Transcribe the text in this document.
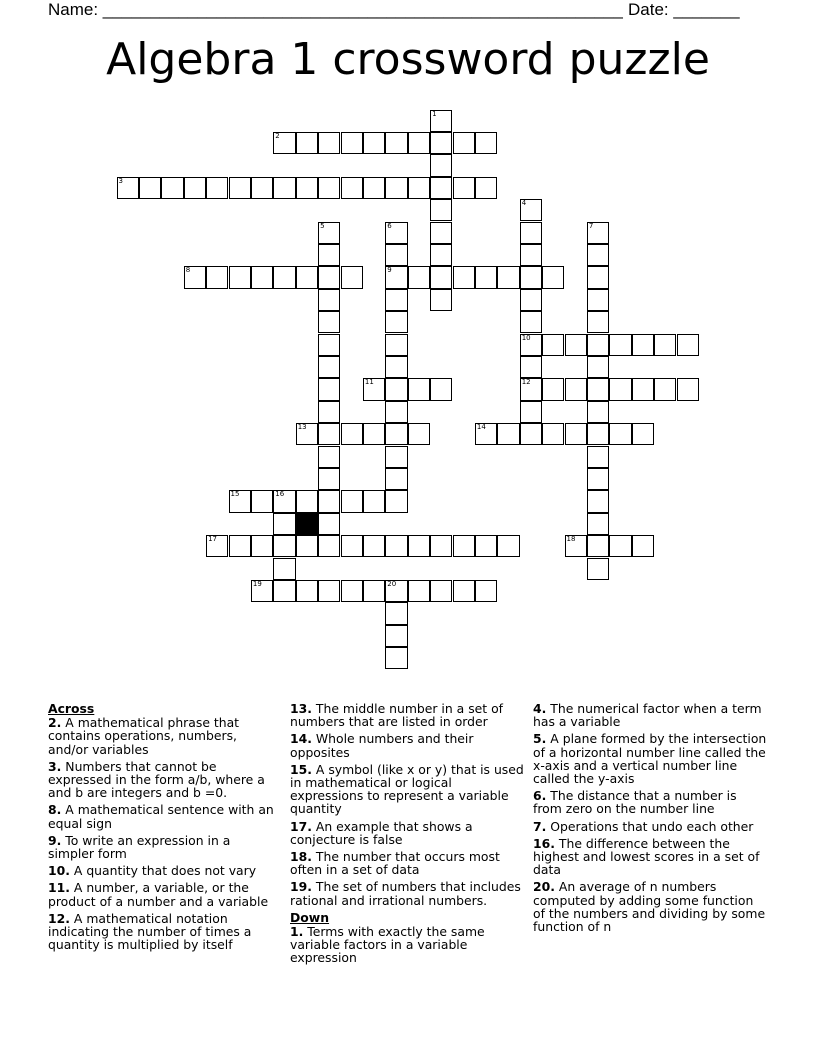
Name: _______________________________________________________ Date: _______
Algebra 1 crossword puzzle
1
2
3
4
10
12
5	6
9
7
8
11
13	14
15	16
17	18
19	20
Across
2. A mathematical phrase that contains operations, numbers, and/or variables
3. Numbers that cannot be expressed in the form a/b, where a and b are integers and b =0.
8. A mathematical sentence with an equal sign
9. To write an expression in a simpler form
10. A quantity that does not vary
11. A number, a variable, or the product of a number and a variable
12. A mathematical notation indicating the number of times a quantity is multiplied by itself
13. The middle number in a set of numbers that are listed in order
14. Whole numbers and their opposites
15. A symbol (like x or y) that is used in mathematical or logical expressions to represent a variable quantity
17. An example that shows a conjecture is false
18. The number that occurs most often in a set of data
19. The set of numbers that includes rational and irrational numbers.
Down
1. Terms with exactly the same variable factors in a variable expression
4. The numerical factor when a term has a variable
5. A plane formed by the intersection of a horizontal number line called the x-axis and a vertical number line called the y-axis
6. The distance that a number is from zero on the number line
7. Operations that undo each other
16. The difference between the highest and lowest scores in a set of data
20. An average of n numbers computed by adding some function of the numbers and dividing by some function of n
